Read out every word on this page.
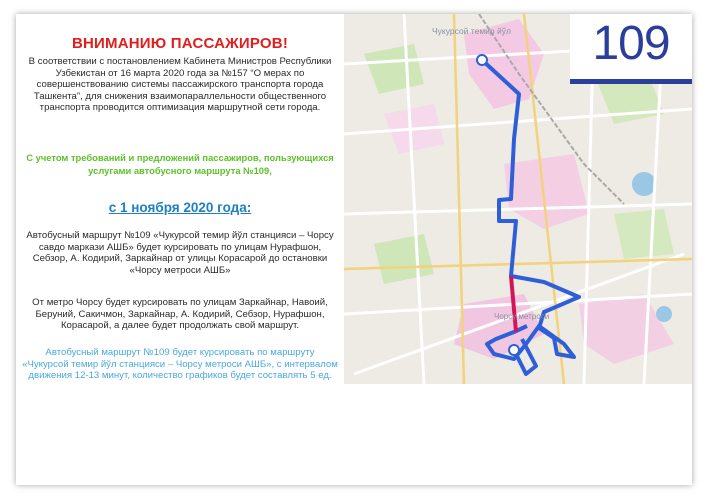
ВНИМАНИЮ ПАССАЖИРОВ!
В соответствии с постановлением Кабинета Министров Республики Узбекистан от 16 марта 2020 года за №157 “О мерах по совершенствованию системы пассажирского транспорта города Ташкента”, для снижения взаимопараллельности общественного транспорта проводится оптимизация маршрутной сети города.
С учетом требований и предложений пассажиров, пользующихся услугами автобусного маршрута №109,
с 1 ноября 2020 года:
Автобусный маршрут №109 «Чукурсой темир йўл станцияси – Чорсу савдо маркази АШБ» будет курсировать по улицам Нурафшон, Себзор, А. Кодирий, Заркайнар от улицы Корасарой до остановки «Чорсу метроси АШБ»
От метро Чорсу будет курсировать по улицам Заркайнар, Навоий, Беруний, Сакичмон, Заркайнар, А. Кодирий, Себзор, Нурафшон, Корасарой, а далее будет продолжать свой маршрут.
Автобусный маршрут №109 будет курсировать по маршруту «Чукурсой темир йўл станцияси – Чорсу метроси АШБ», с интервалом движения 12-13 минут, количество графиков будет составлять 5 ед.
Чукурсой темир йўл
Чорсу метроси
109
